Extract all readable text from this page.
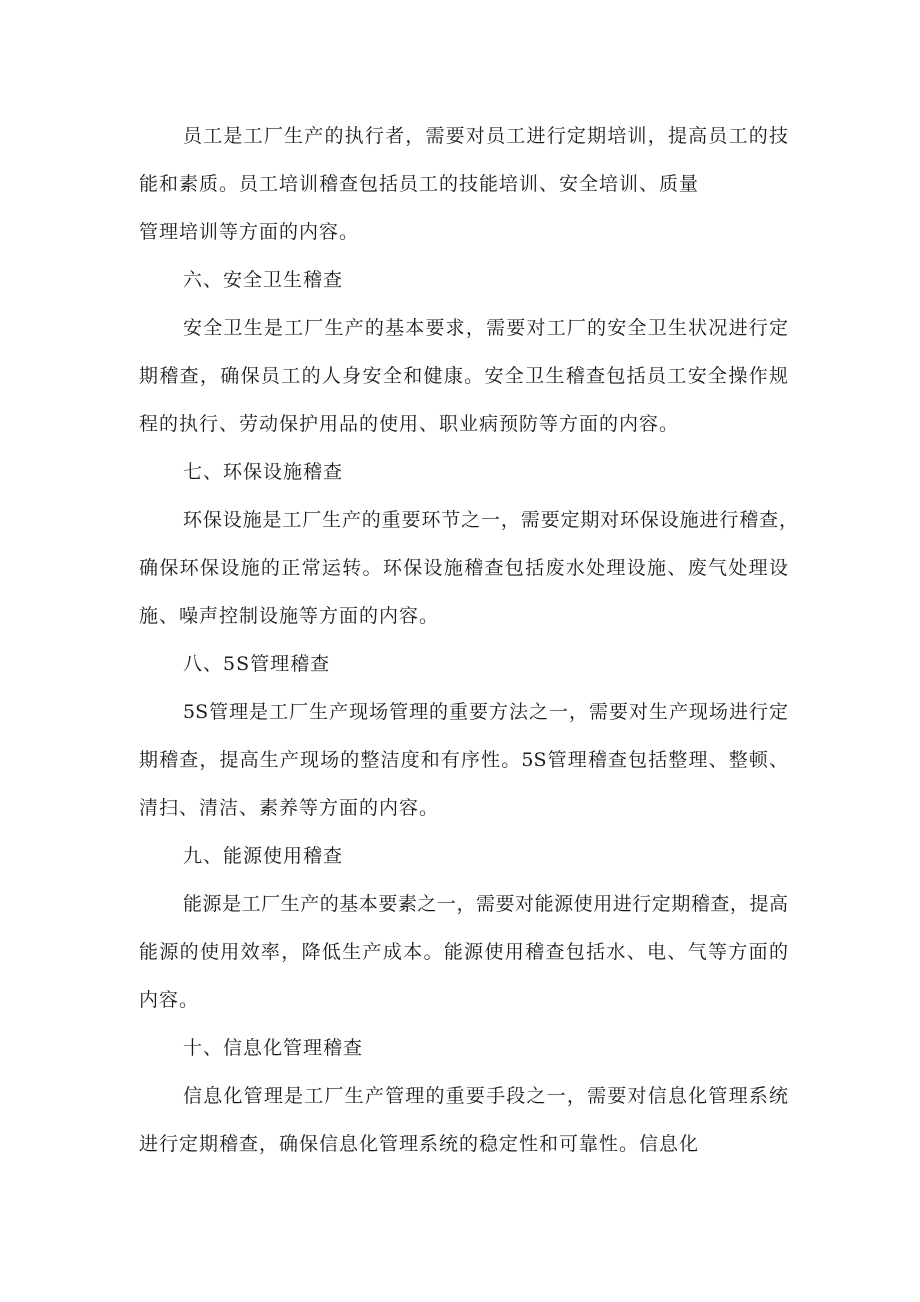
员工是工厂生产的执行者，需要对员工进行定期培训，提高员工的技
能和素质。员工培训稽查包括员工的技能培训、安全培训、质量
管理培训等方面的内容。
六、安全卫生稽查
安全卫生是工厂生产的基本要求，需要对工厂的安全卫生状况进行定
期稽查，确保员工的人身安全和健康。安全卫生稽查包括员工安全操作规
程的执行、劳动保护用品的使用、职业病预防等方面的内容。
七、环保设施稽查
环保设施是工厂生产的重要环节之一，需要定期对环保设施进行稽查，
确保环保设施的正常运转。环保设施稽查包括废水处理设施、废气处理设
施、噪声控制设施等方面的内容。
八、5S管理稽查
5S管理是工厂生产现场管理的重要方法之一，需要对生产现场进行定
期稽查，提高生产现场的整洁度和有序性。5S管理稽查包括整理、整顿、
清扫、清洁、素养等方面的内容。
九、能源使用稽查
能源是工厂生产的基本要素之一，需要对能源使用进行定期稽查，提高
能源的使用效率，降低生产成本。能源使用稽查包括水、电、气等方面的
内容。
十、信息化管理稽查
信息化管理是工厂生产管理的重要手段之一，需要对信息化管理系统
进行定期稽查，确保信息化管理系统的稳定性和可靠性。信息化
